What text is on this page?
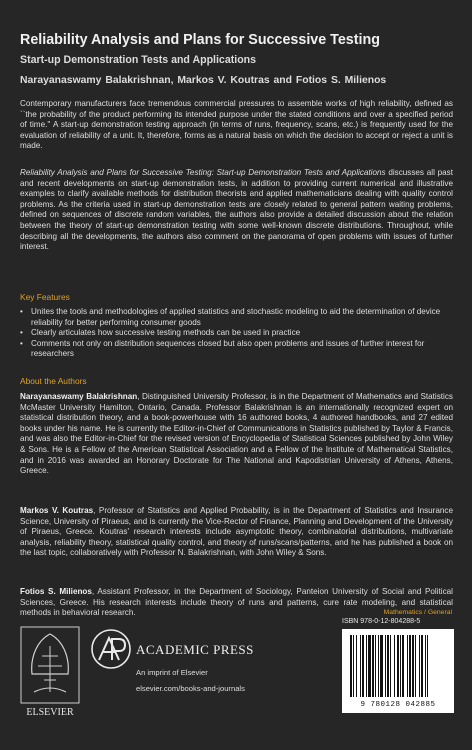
Reliability Analysis and Plans for Successive Testing
Start-up Demonstration Tests and Applications
Narayanaswamy Balakrishnan, Markos V. Koutras and Fotios S. Milienos
Contemporary manufacturers face tremendous commercial pressures to assemble works of high reliability, defined as ``the probability of the product performing its intended purpose under the stated conditions and over a specified period of time.'' A start-up demonstration testing approach (in terms of runs, frequency, scans, etc.) is frequently used for the evaluation of reliability of a unit. It, therefore, forms as a natural basis on which the decision to accept or reject a unit is made.
Reliability Analysis and Plans for Successive Testing: Start-up Demonstration Tests and Applications discusses all past and recent developments on start-up demonstration tests, in addition to providing current numerical and illustrative examples to clarify available methods for distribution theorists and applied mathematicians dealing with quality control problems. As the criteria used in start-up demonstration tests are closely related to general pattern waiting problems, defined on sequences of discrete random variables, the authors also provide a detailed discussion about the relation between the theory of start-up demonstration testing with some well-known discrete distributions. Throughout, while describing all the developments, the authors also comment on the panorama of open problems with issues of further interest.
Key Features
• Unites the tools and methodologies of applied statistics and stochastic modeling to aid the determination of device reliability for better performing consumer goods
• Clearly articulates how successive testing methods can be used in practice
• Comments not only on distribution sequences closed but also open problems and issues of further interest for researchers
About the Authors
Narayanaswamy Balakrishnan, Distinguished University Professor, is in the Department of Mathematics and Statistics McMaster University Hamilton, Ontario, Canada. Professor Balakrishnan is an internationally recognized expert on statistical distribution theory, and a book-powerhouse with 16 authored books, 4 authored handbooks, and 27 edited books under his name. He is currently the Editor-in-Chief of Communications in Statistics published by Taylor & Francis, and was also the Editor-in-Chief for the revised version of Encyclopedia of Statistical Sciences published by John Wiley & Sons. He is a Fellow of the American Statistical Association and a Fellow of the Institute of Mathematical Statistics, and in 2016 was awarded an Honorary Doctorate for The National and Kapodistrian University of Athens, Athens, Greece.
Markos V. Koutras, Professor of Statistics and Applied Probability, is in the Department of Statistics and Insurance Science, University of Piraeus, and is currently the Vice-Rector of Finance, Planning and Development of the University of Piraeus, Greece. Koutras' research interests include asymptotic theory, combinatorial distributions, multivariate analysis, reliability theory, statistical quality control, and theory of runs/scans/patterns, and he has published a book on the last topic, collaboratively with Professor N. Balakrishnan, with John Wiley & Sons.
Fotios S. Milienos, Assistant Professor, in the Department of Sociology, Panteion University of Social and Political Sciences, Greece. His research interests include theory of runs and patterns, cure rate modeling, and statistical methods in behavioral research.	Mathematics / General
ELSEVIER
ACADEMIC PRESS
An imprint of Elsevier
elsevier.com/books-and-journals
ISBN 978-0-12-804288-5
9 780128 042885
